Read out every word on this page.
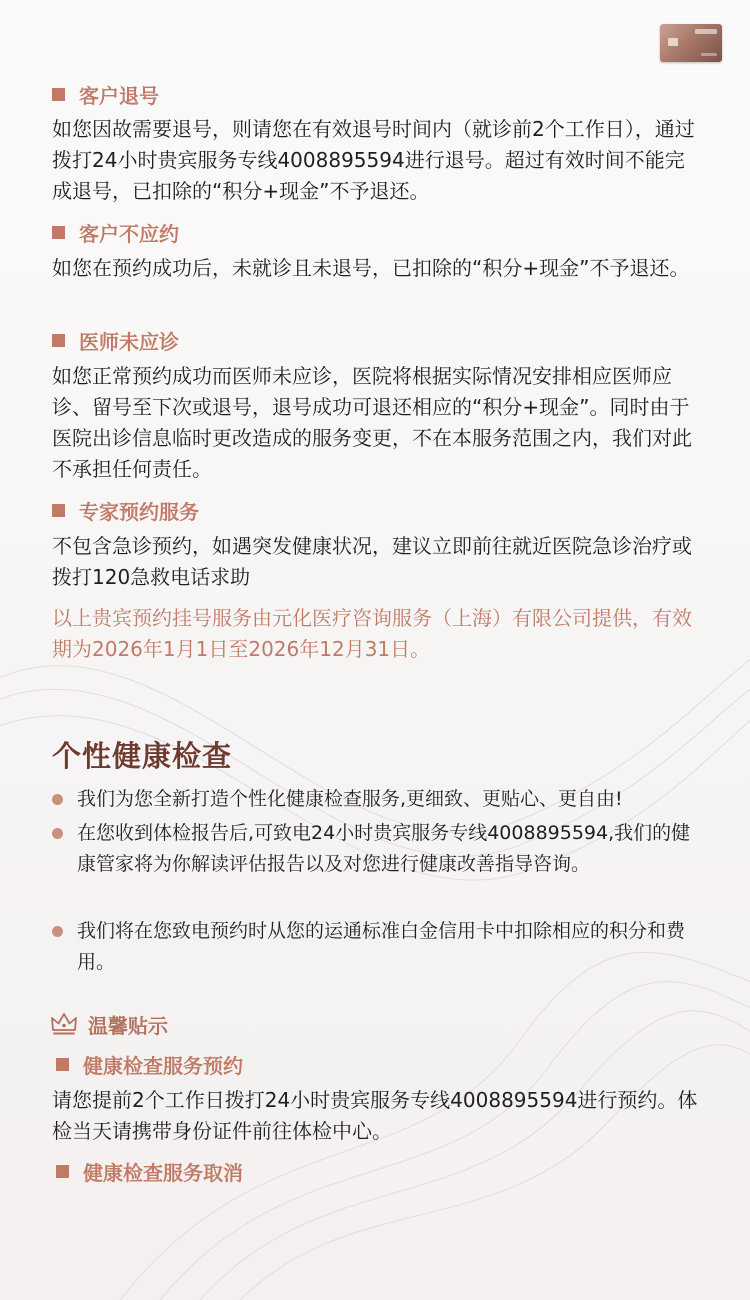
客户退号
如您因故需要退号，则请您在有效退号时间内（就诊前2个工作日），通过拨打24小时贵宾服务专线4008895594进行退号。超过有效时间不能完成退号，已扣除的“积分+现金”不予退还。
客户不应约
如您在预约成功后，未就诊且未退号，已扣除的“积分+现金”不予退还。
医师未应诊
如您正常预约成功而医师未应诊，医院将根据实际情况安排相应医师应诊、留号至下次或退号，退号成功可退还相应的“积分+现金”。同时由于医院出诊信息临时更改造成的服务变更，不在本服务范围之内，我们对此不承担任何责任。
专家预约服务
不包含急诊预约，如遇突发健康状况，建议立即前往就近医院急诊治疗或拨打120急救电话求助
以上贵宾预约挂号服务由元化医疗咨询服务（上海）有限公司提供，有效期为2026年1月1日至2026年12月31日。
个性健康检查
我们为您全新打造个性化健康检查服务,更细致、更贴心、更自由!
在您收到体检报告后,可致电24小时贵宾服务专线4008895594,我们的健康管家将为你解读评估报告以及对您进行健康改善指导咨询。
我们将在您致电预约时从您的运通标准白金信用卡中扣除相应的积分和费用。
温馨贴示
健康检查服务预约
请您提前2个工作日拨打24小时贵宾服务专线4008895594进行预约。体检当天请携带身份证件前往体检中心。
健康检查服务取消
